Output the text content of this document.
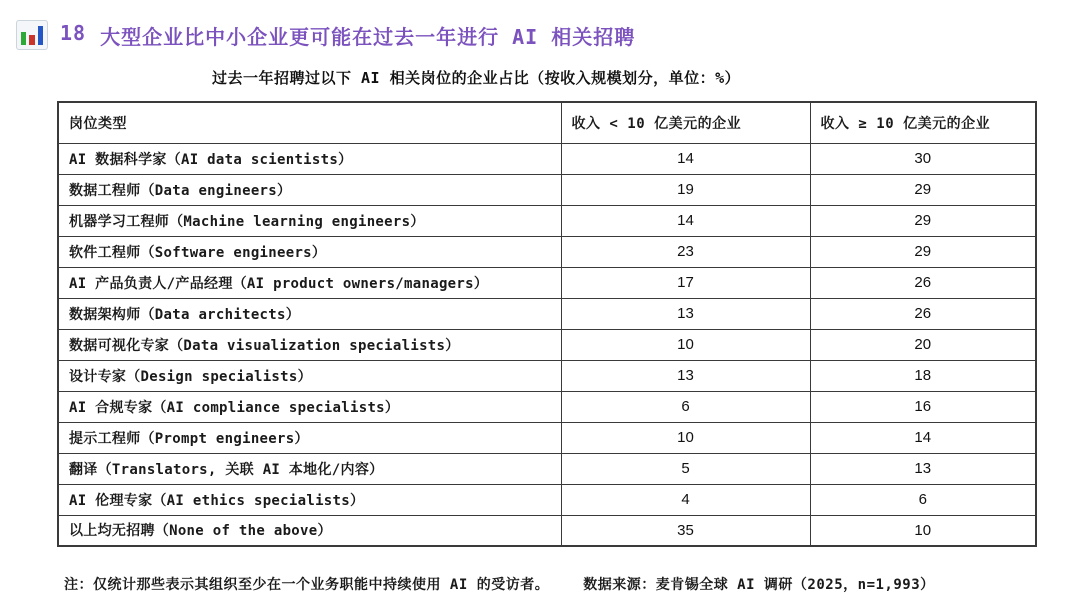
18 大型企业比中小企业更可能在过去一年进行 AI 相关招聘
过去一年招聘过以下 AI 相关岗位的企业占比（按收入规模划分，单位：%）
岗位类型	收入 < 10 亿美元的企业	收入 ≥ 10 亿美元的企业
AI 数据科学家（AI data scientists）	14	30
数据工程师（Data engineers）	19	29
机器学习工程师（Machine learning engineers）	14	29
软件工程师（Software engineers）	23	29
AI 产品负责人/产品经理（AI product owners/managers）	17	26
数据架构师（Data architects）	13	26
数据可视化专家（Data visualization specialists）	10	20
设计专家（Design specialists）	13	18
AI 合规专家（AI compliance specialists）	6	16
提示工程师（Prompt engineers）	10	14
翻译（Translators, 关联 AI 本地化/内容）	5	13
AI 伦理专家（AI ethics specialists）	4	6
以上均无招聘（None of the above）	35	10
注：仅统计那些表示其组织至少在一个业务职能中持续使用 AI 的受访者。 数据来源：麦肯锡全球 AI 调研（2025，n=1,993）
